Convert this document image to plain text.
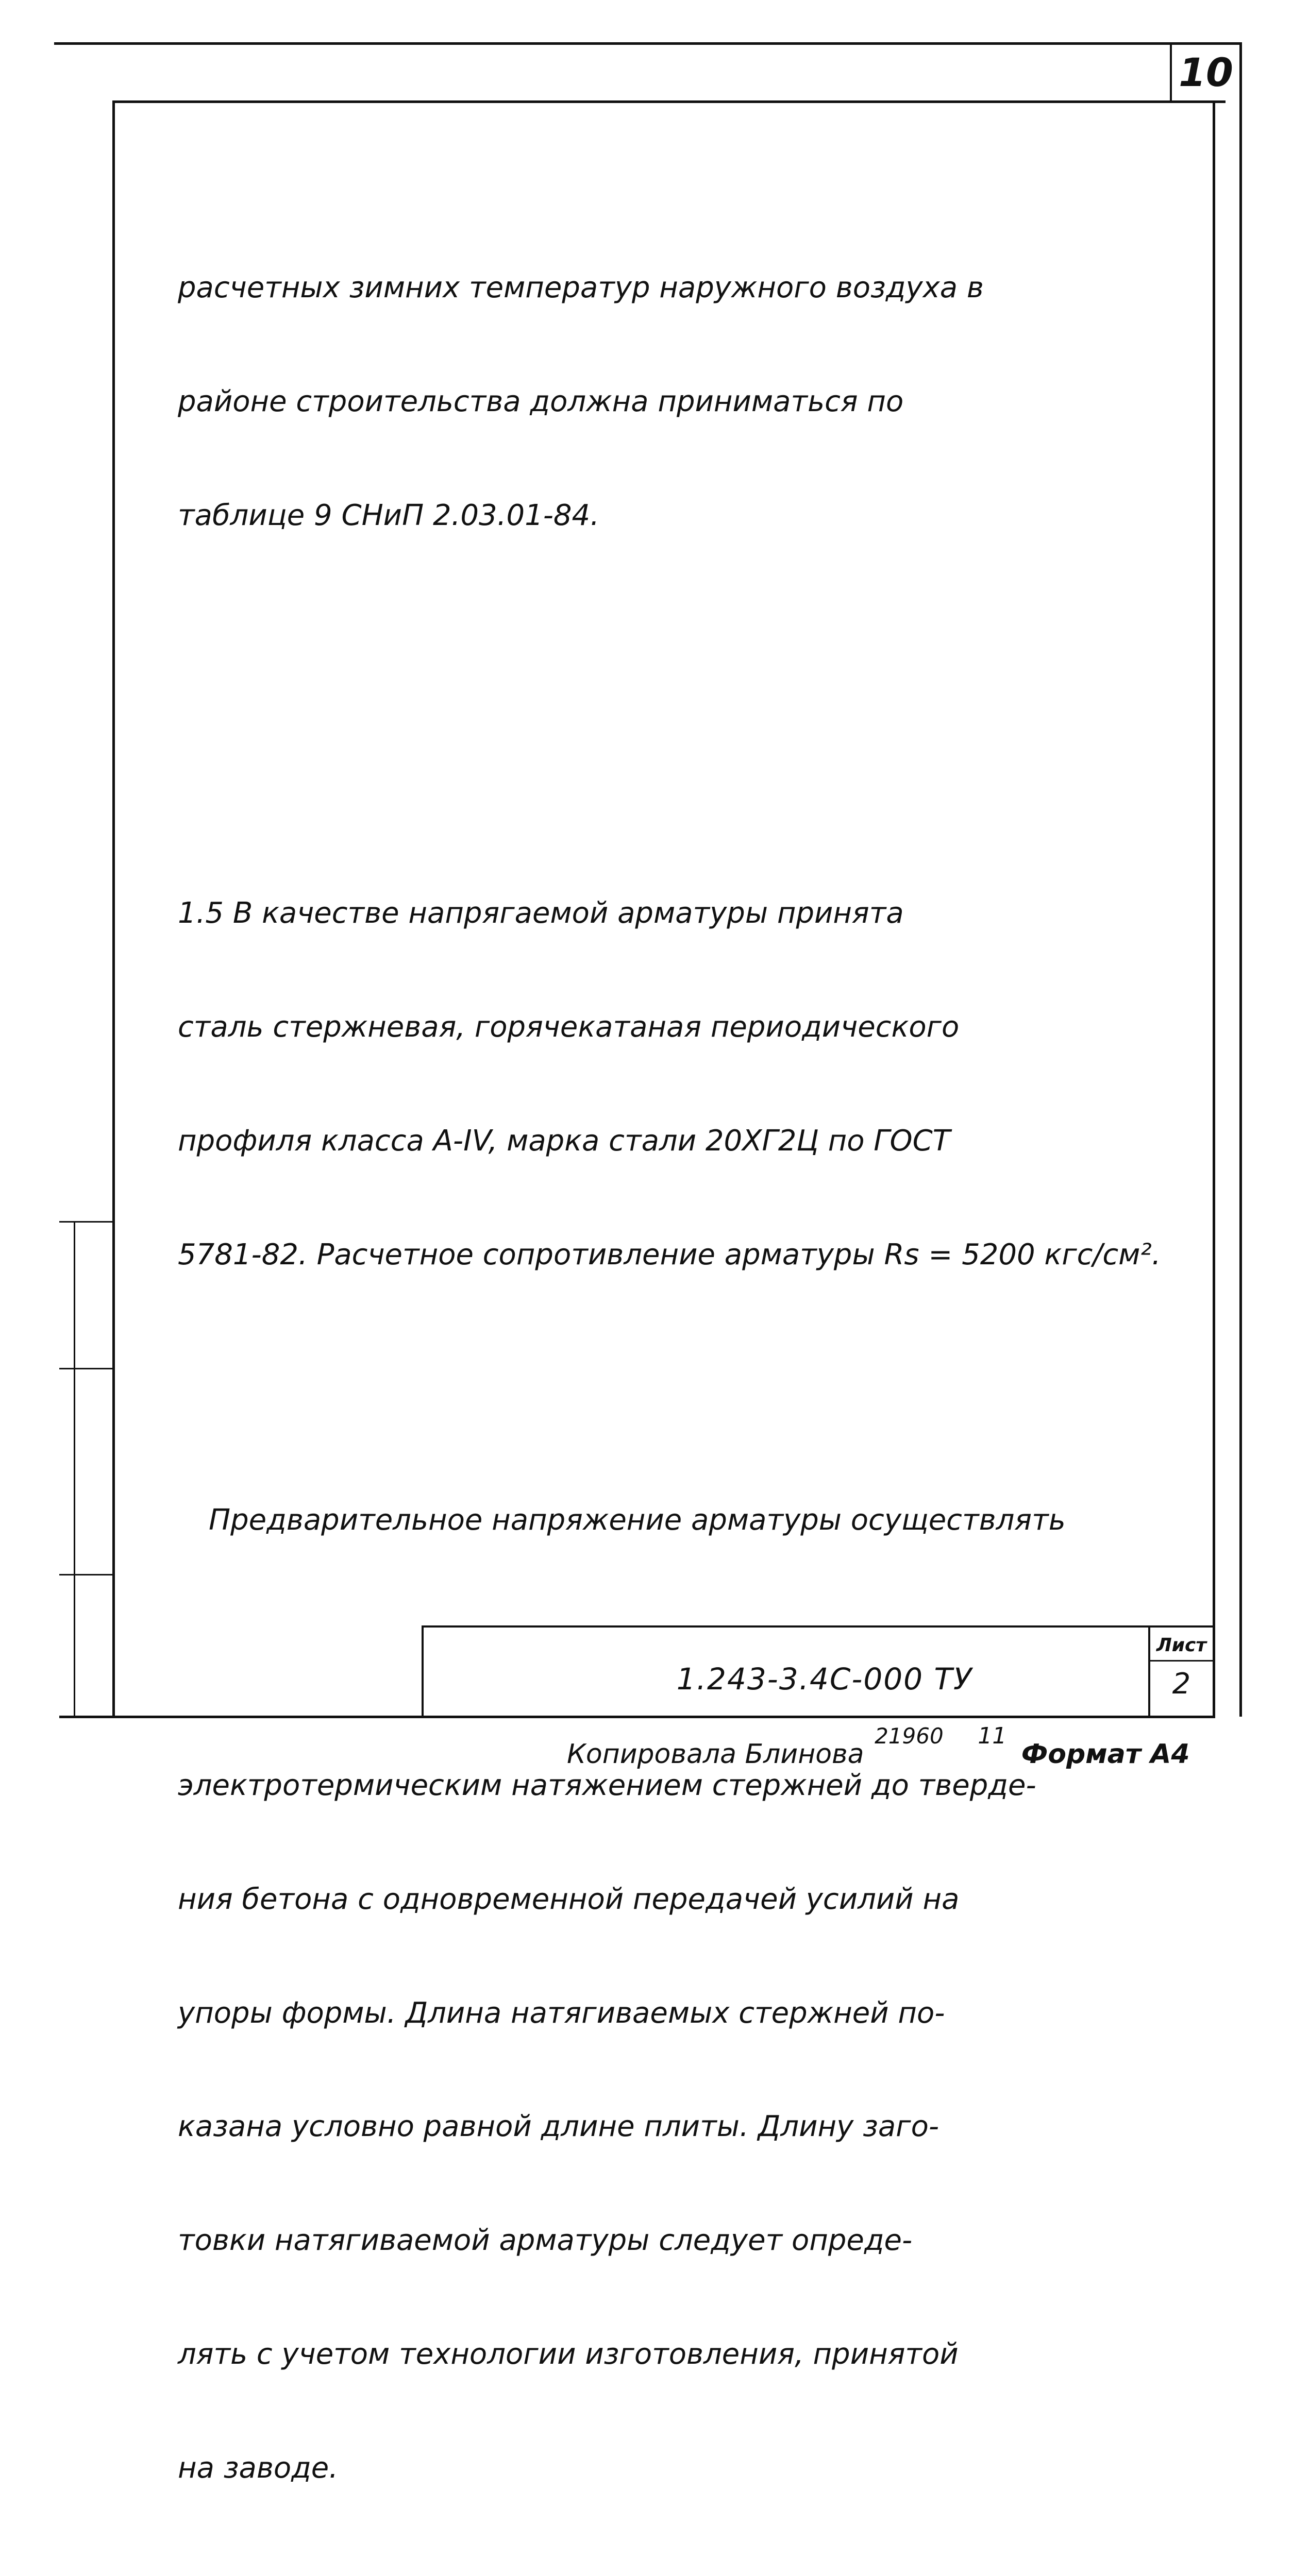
10

расчетных зимних температур наружного воздуха в

районе строительства должна приниматься по

таблице 9 СНиП 2.03.01-84.

1.5 В качестве напрягаемой арматуры принята

сталь стержневая, горячекатаная периодического

профиля класса А-IV, марка стали 20ХГ2Ц по ГОСТ

5781-82. Расчетное сопротивление арматуры Rs = 5200 кгс/см².

Предварительное напряжение арматуры осуществлять

электротермическим натяжением стержней до тверде-

ния бетона с одновременной передачей усилий на

упоры формы. Длина натягиваемых стержней по-

казана условно равной длине плиты. Длину заго-

товки натягиваемой арматуры следует опреде-

лять с учетом технологии изготовления, принятой

на заводе.

1.243-3.4С-000 ТУ
Лист
2
Копировала Блинова $^{21960}$ $^{11}$ Формат А4
